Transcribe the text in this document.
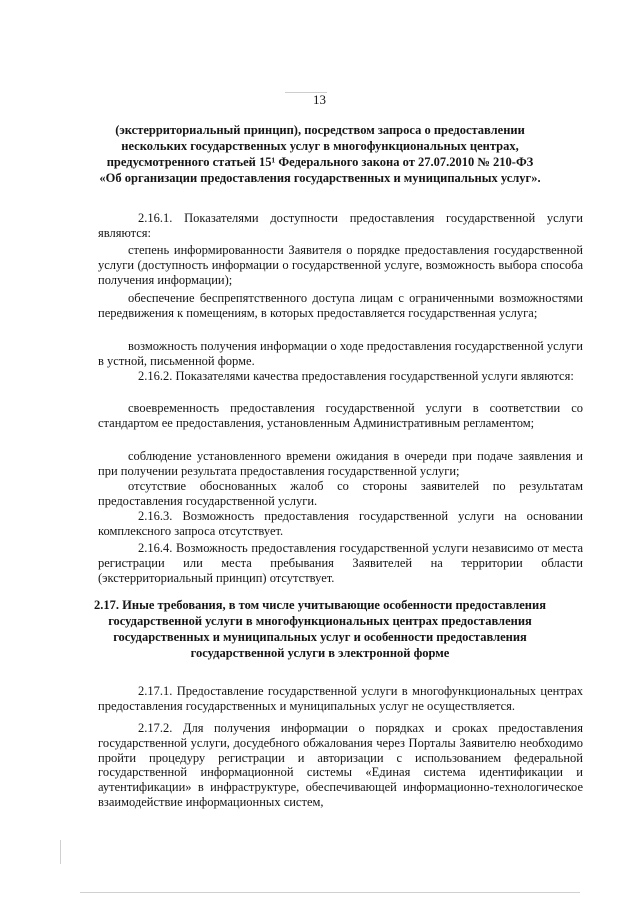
13
(экстерриториальный принцип), посредством запроса о предоставлении нескольких государственных услуг в многофункциональных центрах, предусмотренного статьей 15¹ Федерального закона от 27.07.2010 № 210-ФЗ «Об организации предоставления государственных и муниципальных услуг».
2.16.1. Показателями доступности предоставления государственной услуги являются:
степень информированности Заявителя о порядке предоставления государственной услуги (доступность информации о государственной услуге, возможность выбора способа получения информации);
обеспечение беспрепятственного доступа лицам с ограниченными возможностями передвижения к помещениям, в которых предоставляется государственная услуга;
возможность получения информации о ходе предоставления государственной услуги в устной, письменной форме.
2.16.2. Показателями качества предоставления государственной услуги являются:
своевременность предоставления государственной услуги в соответствии со стандартом ее предоставления, установленным Административным регламентом;
соблюдение установленного времени ожидания в очереди при подаче заявления и при получении результата предоставления государственной услуги;
отсутствие обоснованных жалоб со стороны заявителей по результатам предоставления государственной услуги.
2.16.3. Возможность предоставления государственной услуги на основании комплексного запроса отсутствует.
2.16.4. Возможность предоставления государственной услуги независимо от места регистрации или места пребывания Заявителей на территории области (экстерриториальный принцип) отсутствует.
2.17. Иные требования, в том числе учитывающие особенности предоставления государственной услуги в многофункциональных центрах предоставления государственных и муниципальных услуг и особенности предоставления государственной услуги в электронной форме
2.17.1. Предоставление государственной услуги в многофункциональных центрах предоставления государственных и муниципальных услуг не осуществляется.
2.17.2. Для получения информации о порядках и сроках предоставления государственной услуги, досудебного обжалования через Порталы Заявителю необходимо пройти процедуру регистрации и авторизации с использованием федеральной государственной информационной системы «Единая система идентификации и аутентификации» в инфраструктуре, обеспечивающей информационно-технологическое взаимодействие информационных систем,
